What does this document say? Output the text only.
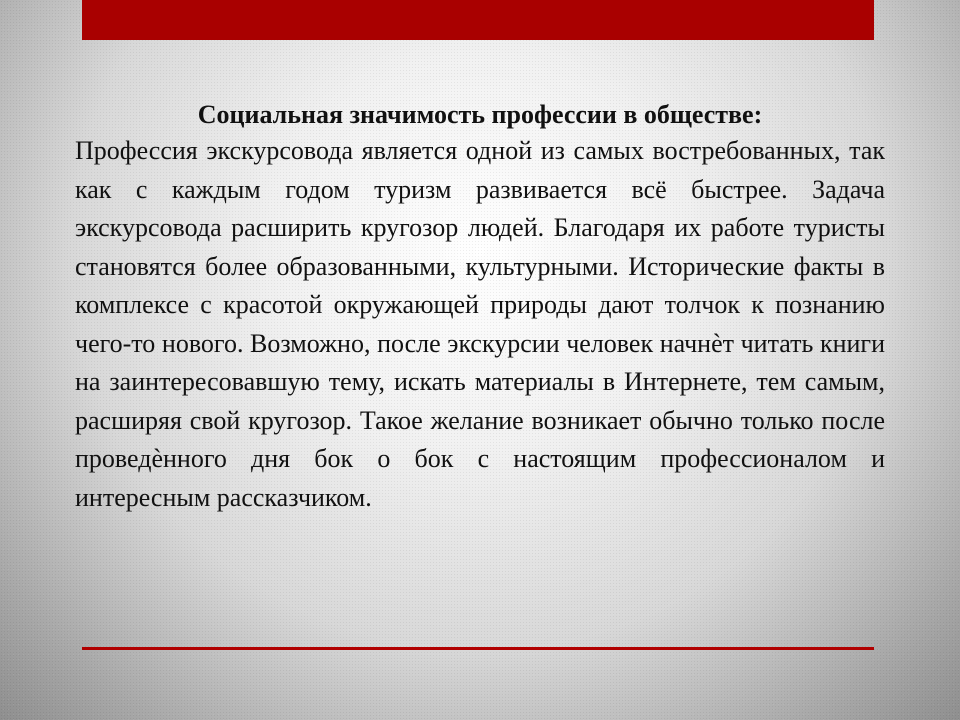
Социальная значимость профессии в обществе:

Профессия экскурсовода является одной из самых востребованных, так как с каждым годом туризм развивается всё быстрее. Задача экскурсовода расширить кругозор людей. Благодаря их работе туристы становятся более образованными, культурными. Исторические факты в комплексе с красотой окружающей природы дают толчок к познанию чего-то нового. Возможно, после экскурсии человек начнѐт читать книги на заинтересовавшую тему, искать материалы в Интернете, тем самым, расширяя свой кругозор. Такое желание возникает обычно только после проведѐнного дня бок о бок с настоящим профессионалом и интересным рассказчиком.
